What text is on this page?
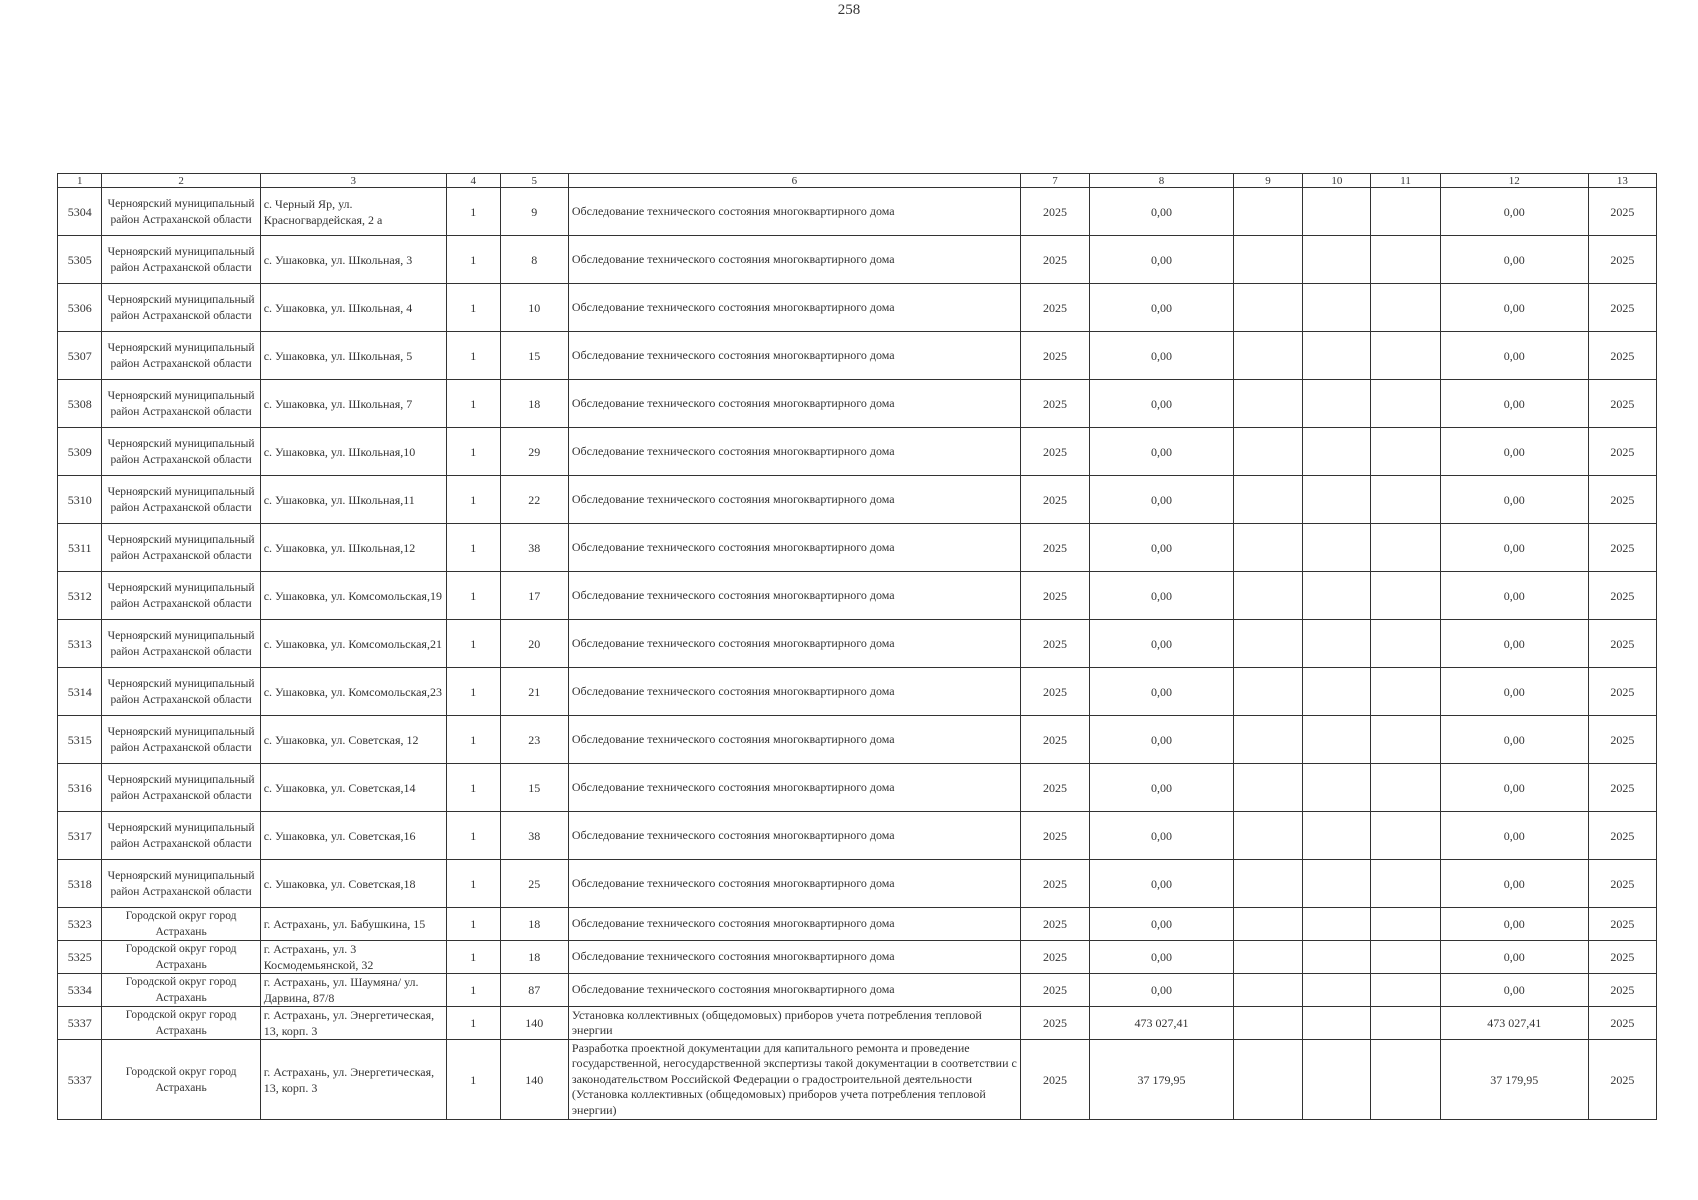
258
1	2	3	4	5	6	7	8	9	10	11	12	13
5304	Черноярский муниципальный район Астраханской области	с. Черный Яр, ул. Красногвардейская, 2 а	1	9	Обследование технического состояния многоквартирного дома	2025	0,00				0,00	2025
5305	Черноярский муниципальный район Астраханской области	с. Ушаковка, ул. Школьная, 3	1	8	Обследование технического состояния многоквартирного дома	2025	0,00				0,00	2025
5306	Черноярский муниципальный район Астраханской области	с. Ушаковка, ул. Школьная, 4	1	10	Обследование технического состояния многоквартирного дома	2025	0,00				0,00	2025
5307	Черноярский муниципальный район Астраханской области	с. Ушаковка, ул. Школьная, 5	1	15	Обследование технического состояния многоквартирного дома	2025	0,00				0,00	2025
5308	Черноярский муниципальный район Астраханской области	с. Ушаковка, ул. Школьная, 7	1	18	Обследование технического состояния многоквартирного дома	2025	0,00				0,00	2025
5309	Черноярский муниципальный район Астраханской области	с. Ушаковка, ул. Школьная,10	1	29	Обследование технического состояния многоквартирного дома	2025	0,00				0,00	2025
5310	Черноярский муниципальный район Астраханской области	с. Ушаковка, ул. Школьная,11	1	22	Обследование технического состояния многоквартирного дома	2025	0,00				0,00	2025
5311	Черноярский муниципальный район Астраханской области	с. Ушаковка, ул. Школьная,12	1	38	Обследование технического состояния многоквартирного дома	2025	0,00				0,00	2025
5312	Черноярский муниципальный район Астраханской области	с. Ушаковка, ул. Комсомольская,19	1	17	Обследование технического состояния многоквартирного дома	2025	0,00				0,00	2025
5313	Черноярский муниципальный район Астраханской области	с. Ушаковка, ул. Комсомольская,21	1	20	Обследование технического состояния многоквартирного дома	2025	0,00				0,00	2025
5314	Черноярский муниципальный район Астраханской области	с. Ушаковка, ул. Комсомольская,23	1	21	Обследование технического состояния многоквартирного дома	2025	0,00				0,00	2025
5315	Черноярский муниципальный район Астраханской области	с. Ушаковка, ул. Советская, 12	1	23	Обследование технического состояния многоквартирного дома	2025	0,00				0,00	2025
5316	Черноярский муниципальный район Астраханской области	с. Ушаковка, ул. Советская,14	1	15	Обследование технического состояния многоквартирного дома	2025	0,00				0,00	2025
5317	Черноярский муниципальный район Астраханской области	с. Ушаковка, ул. Советская,16	1	38	Обследование технического состояния многоквартирного дома	2025	0,00				0,00	2025
5318	Черноярский муниципальный район Астраханской области	с. Ушаковка, ул. Советская,18	1	25	Обследование технического состояния многоквартирного дома	2025	0,00				0,00	2025
5323	Городской округ город Астрахань	г. Астрахань, ул. Бабушкина, 15	1	18	Обследование технического состояния многоквартирного дома	2025	0,00				0,00	2025
5325	Городской округ город Астрахань	г. Астрахань, ул. 3 Космодемьянской, 32	1	18	Обследование технического состояния многоквартирного дома	2025	0,00				0,00	2025
5334	Городской округ город Астрахань	г. Астрахань, ул. Шаумяна/ ул. Дарвина, 87/8	1	87	Обследование технического состояния многоквартирного дома	2025	0,00				0,00	2025
5337	Городской округ город Астрахань	г. Астрахань, ул. Энергетическая, 13, корп. 3	1	140	Установка коллективных (общедомовых) приборов учета потребления тепловой энергии	2025	473 027,41				473 027,41	2025
5337	Городской округ город Астрахань	г. Астрахань, ул. Энергетическая, 13, корп. 3	1	140	Разработка проектной документации для капитального ремонта и проведение государственной, негосударственной экспертизы такой документации в соответствии с законодательством Российской Федерации о градостроительной деятельности (Установка коллективных (общедомовых) приборов учета потребления тепловой энергии)	2025	37 179,95				37 179,95	2025
